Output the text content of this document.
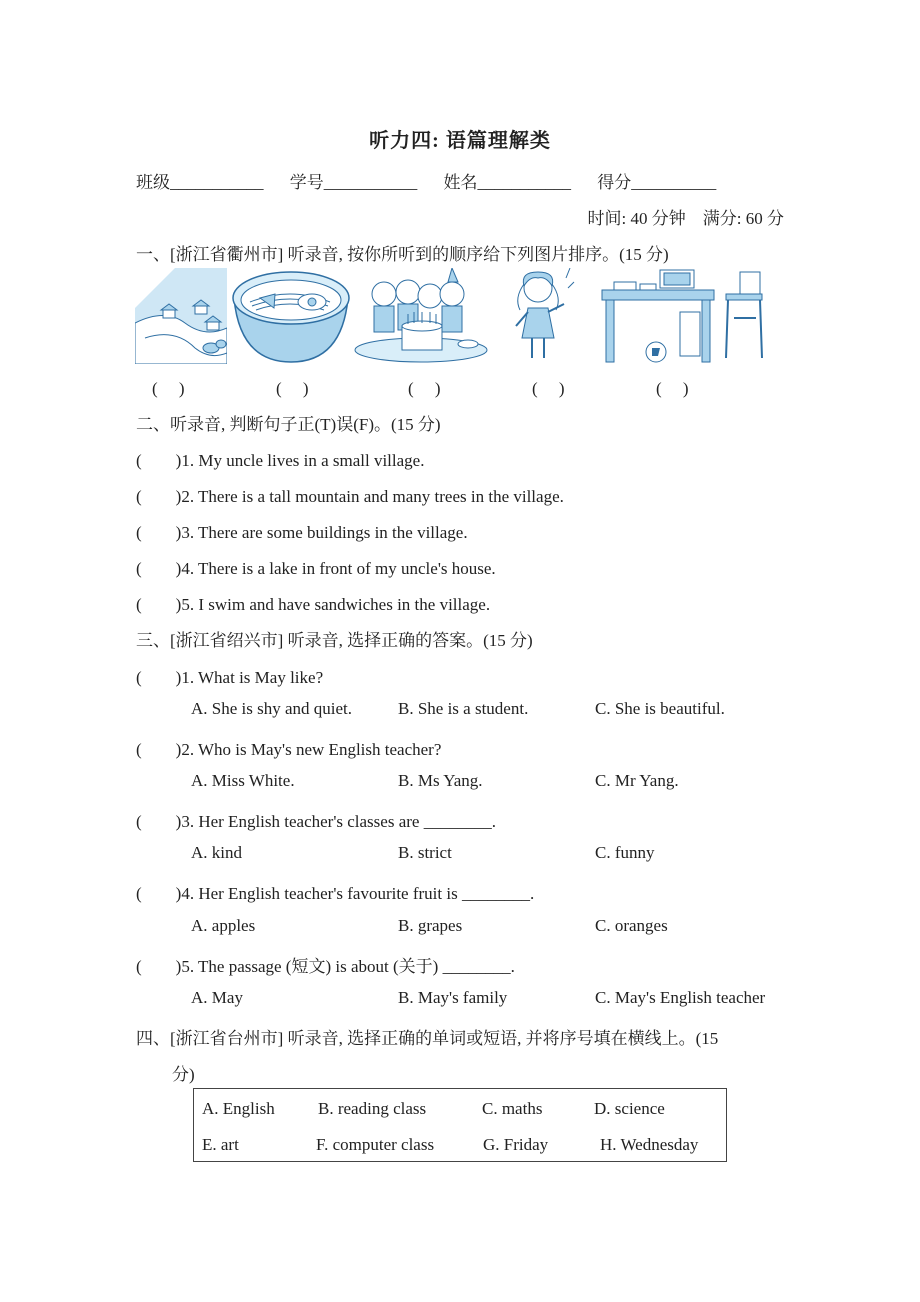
听力四: 语篇理解类
班级___________ 学号___________ 姓名___________ 得分__________
时间: 40 分钟　满分: 60 分
一、[浙江省衢州市] 听录音, 按你所听到的顺序给下列图片排序。(15 分)
(　 )	(　 )	(　 )	(　 )	(　 )
二、听录音, 判断句子正(T)误(F)。(15 分)
(　　)1. My uncle lives in a small village.
(　　)2. There is a tall mountain and many trees in the village.
(　　)3. There are some buildings in the village.
(　　)4. There is a lake in front of my uncle's house.
(　　)5. I swim and have sandwiches in the village.
三、[浙江省绍兴市] 听录音, 选择正确的答案。(15 分)
(　　)1. What is May like?
A. She is shy and quiet.	B. She is a student.	C. She is beautiful.
(　　)2. Who is May's new English teacher?
A. Miss White.	B. Ms Yang.	C. Mr Yang.
(　　)3. Her English teacher's classes are ________.
A. kind	B. strict	C. funny
(　　)4. Her English teacher's favourite fruit is ________.
A. apples	B. grapes	C. oranges
(　　)5. The passage (短文) is about (关于) ________.
A. May	B. May's family	C. May's English teacher
四、[浙江省台州市] 听录音, 选择正确的单词或短语, 并将序号填在横线上。(15
分)
A. English	B. reading class	C. maths	D. science
E. art	F. computer class	G. Friday	H. Wednesday
